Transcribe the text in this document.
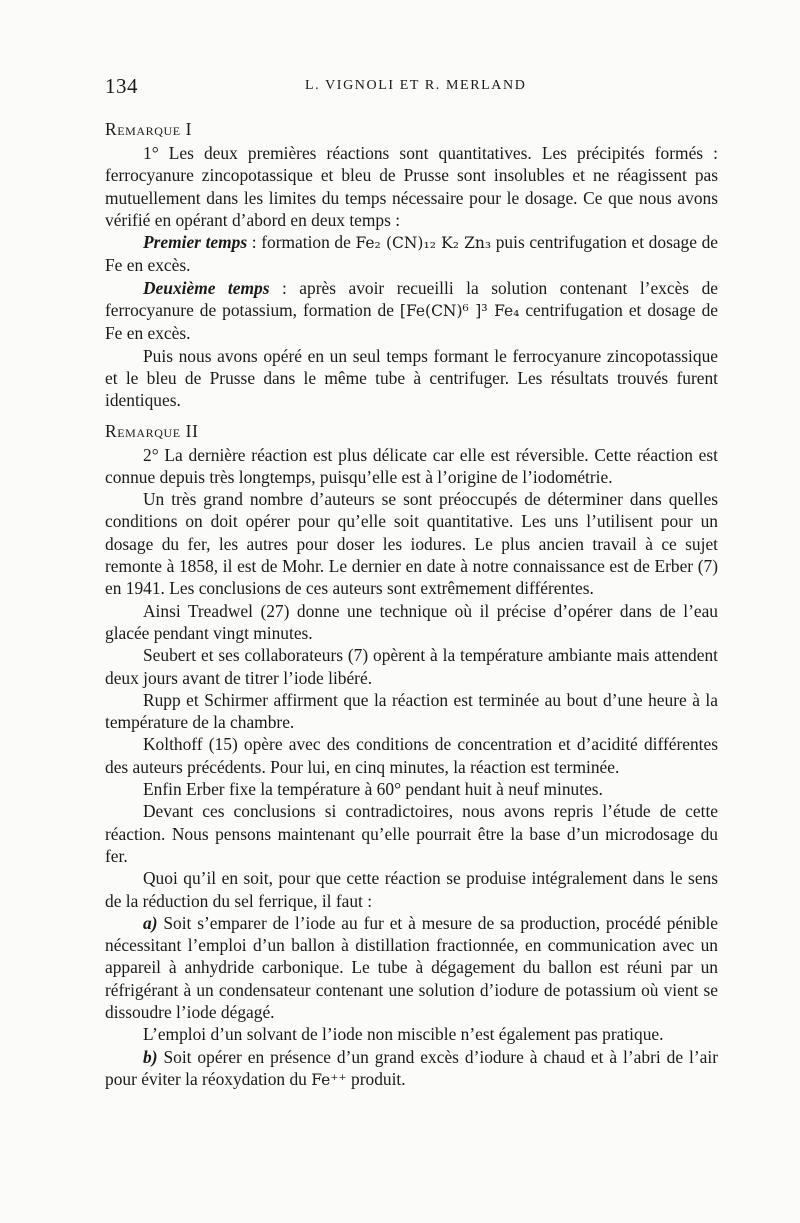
134	L. VIGNOLI ET R. MERLAND
Remarque I

1° Les deux premières réactions sont quantitatives. Les précipités formés : ferrocyanure zincopotassique et bleu de Prusse sont insolubles et ne réagissent pas mutuellement dans les limites du temps nécessaire pour le dosage. Ce que nous avons vérifié en opérant d’abord en deux temps :

Premier temps : formation de Fe₂ (CN)₁₂ K₂ Zn₃ puis centrifugation et dosage de Fe en excès.

Deuxième temps : après avoir recueilli la solution contenant l’excès de ferrocyanure de potassium, formation de [Fe(CN)⁶ ]³ Fe₄ centrifugation et dosage de Fe en excès.

Puis nous avons opéré en un seul temps formant le ferrocyanure zincopotassique et le bleu de Prusse dans le même tube à centrifuger. Les résultats trouvés furent identiques.

Remarque II

2° La dernière réaction est plus délicate car elle est réversible. Cette réaction est connue depuis très longtemps, puisqu’elle est à l’origine de l’iodométrie.

Un très grand nombre d’auteurs se sont préoccupés de déterminer dans quelles conditions on doit opérer pour qu’elle soit quantitative. Les uns l’utilisent pour un dosage du fer, les autres pour doser les iodures. Le plus ancien travail à ce sujet remonte à 1858, il est de Mohr. Le dernier en date à notre connaissance est de Erber (7) en 1941. Les conclusions de ces auteurs sont extrêmement différentes.

Ainsi Treadwel (27) donne une technique où il précise d’opérer dans de l’eau glacée pendant vingt minutes.

Seubert et ses collaborateurs (7) opèrent à la température ambiante mais attendent deux jours avant de titrer l’iode libéré.

Rupp et Schirmer affirment que la réaction est terminée au bout d’une heure à la température de la chambre.

Kolthoff (15) opère avec des conditions de concentration et d’acidité différentes des auteurs précédents. Pour lui, en cinq minutes, la réaction est terminée.

Enfin Erber fixe la température à 60° pendant huit à neuf minutes.

Devant ces conclusions si contradictoires, nous avons repris l’étude de cette réaction. Nous pensons maintenant qu’elle pourrait être la base d’un microdosage du fer.

Quoi qu’il en soit, pour que cette réaction se produise intégralement dans le sens de la réduction du sel ferrique, il faut :

a) Soit s’emparer de l’iode au fur et à mesure de sa production, procédé pénible nécessitant l’emploi d’un ballon à distillation fractionnée, en communication avec un appareil à anhydride carbonique. Le tube à dégagement du ballon est réuni par un réfrigérant à un condensateur contenant une solution d’iodure de potassium où vient se dissoudre l’iode dégagé.

L’emploi d’un solvant de l’iode non miscible n’est également pas pratique.

b) Soit opérer en présence d’un grand excès d’iodure à chaud et à l’abri de l’air pour éviter la réoxydation du Fe⁺⁺ produit.
